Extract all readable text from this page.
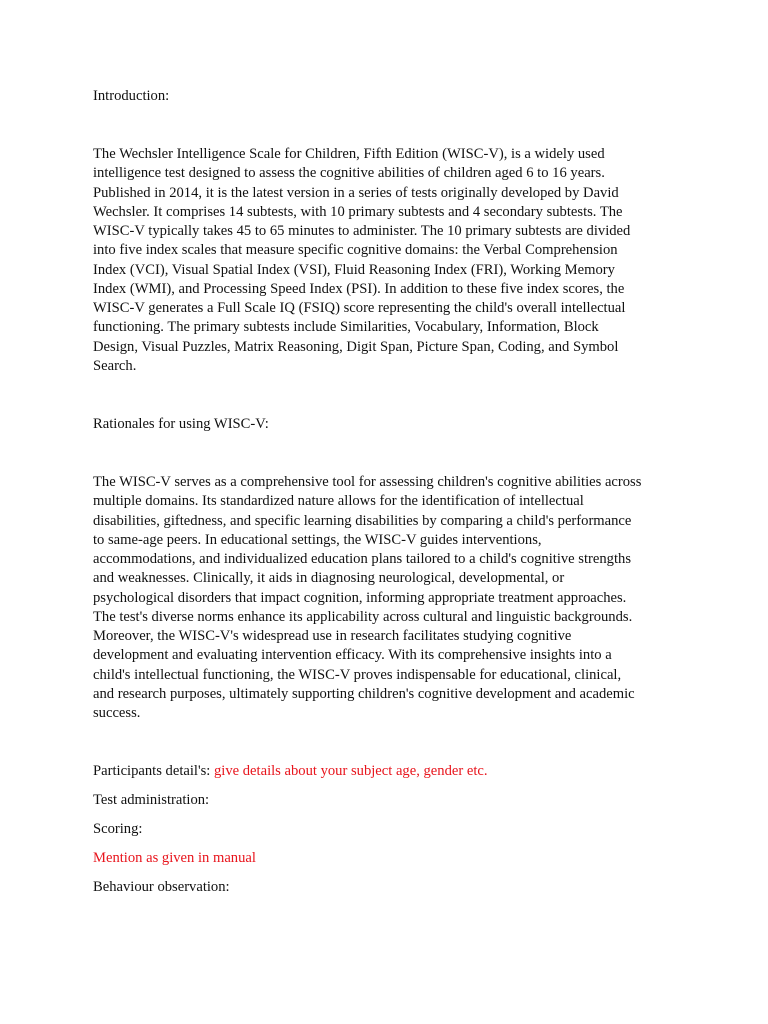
Introduction:
The Wechsler Intelligence Scale for Children, Fifth Edition (WISC-V), is a widely used
intelligence test designed to assess the cognitive abilities of children aged 6 to 16 years.
Published in 2014, it is the latest version in a series of tests originally developed by David
Wechsler. It comprises 14 subtests, with 10 primary subtests and 4 secondary subtests. The
WISC-V typically takes 45 to 65 minutes to administer. The 10 primary subtests are divided
into five index scales that measure specific cognitive domains: the Verbal Comprehension
Index (VCI), Visual Spatial Index (VSI), Fluid Reasoning Index (FRI), Working Memory
Index (WMI), and Processing Speed Index (PSI). In addition to these five index scores, the
WISC-V generates a Full Scale IQ (FSIQ) score representing the child's overall intellectual
functioning. The primary subtests include Similarities, Vocabulary, Information, Block
Design, Visual Puzzles, Matrix Reasoning, Digit Span, Picture Span, Coding, and Symbol
Search.
Rationales for using WISC-V:
The WISC-V serves as a comprehensive tool for assessing children's cognitive abilities across
multiple domains. Its standardized nature allows for the identification of intellectual
disabilities, giftedness, and specific learning disabilities by comparing a child's performance
to same-age peers. In educational settings, the WISC-V guides interventions,
accommodations, and individualized education plans tailored to a child's cognitive strengths
and weaknesses. Clinically, it aids in diagnosing neurological, developmental, or
psychological disorders that impact cognition, informing appropriate treatment approaches.
The test's diverse norms enhance its applicability across cultural and linguistic backgrounds.
Moreover, the WISC-V's widespread use in research facilitates studying cognitive
development and evaluating intervention efficacy. With its comprehensive insights into a
child's intellectual functioning, the WISC-V proves indispensable for educational, clinical,
and research purposes, ultimately supporting children's cognitive development and academic
success.
Participants detail's: give details about your subject age, gender etc.
Test administration:
Scoring:
Mention as given in manual
Behaviour observation:
